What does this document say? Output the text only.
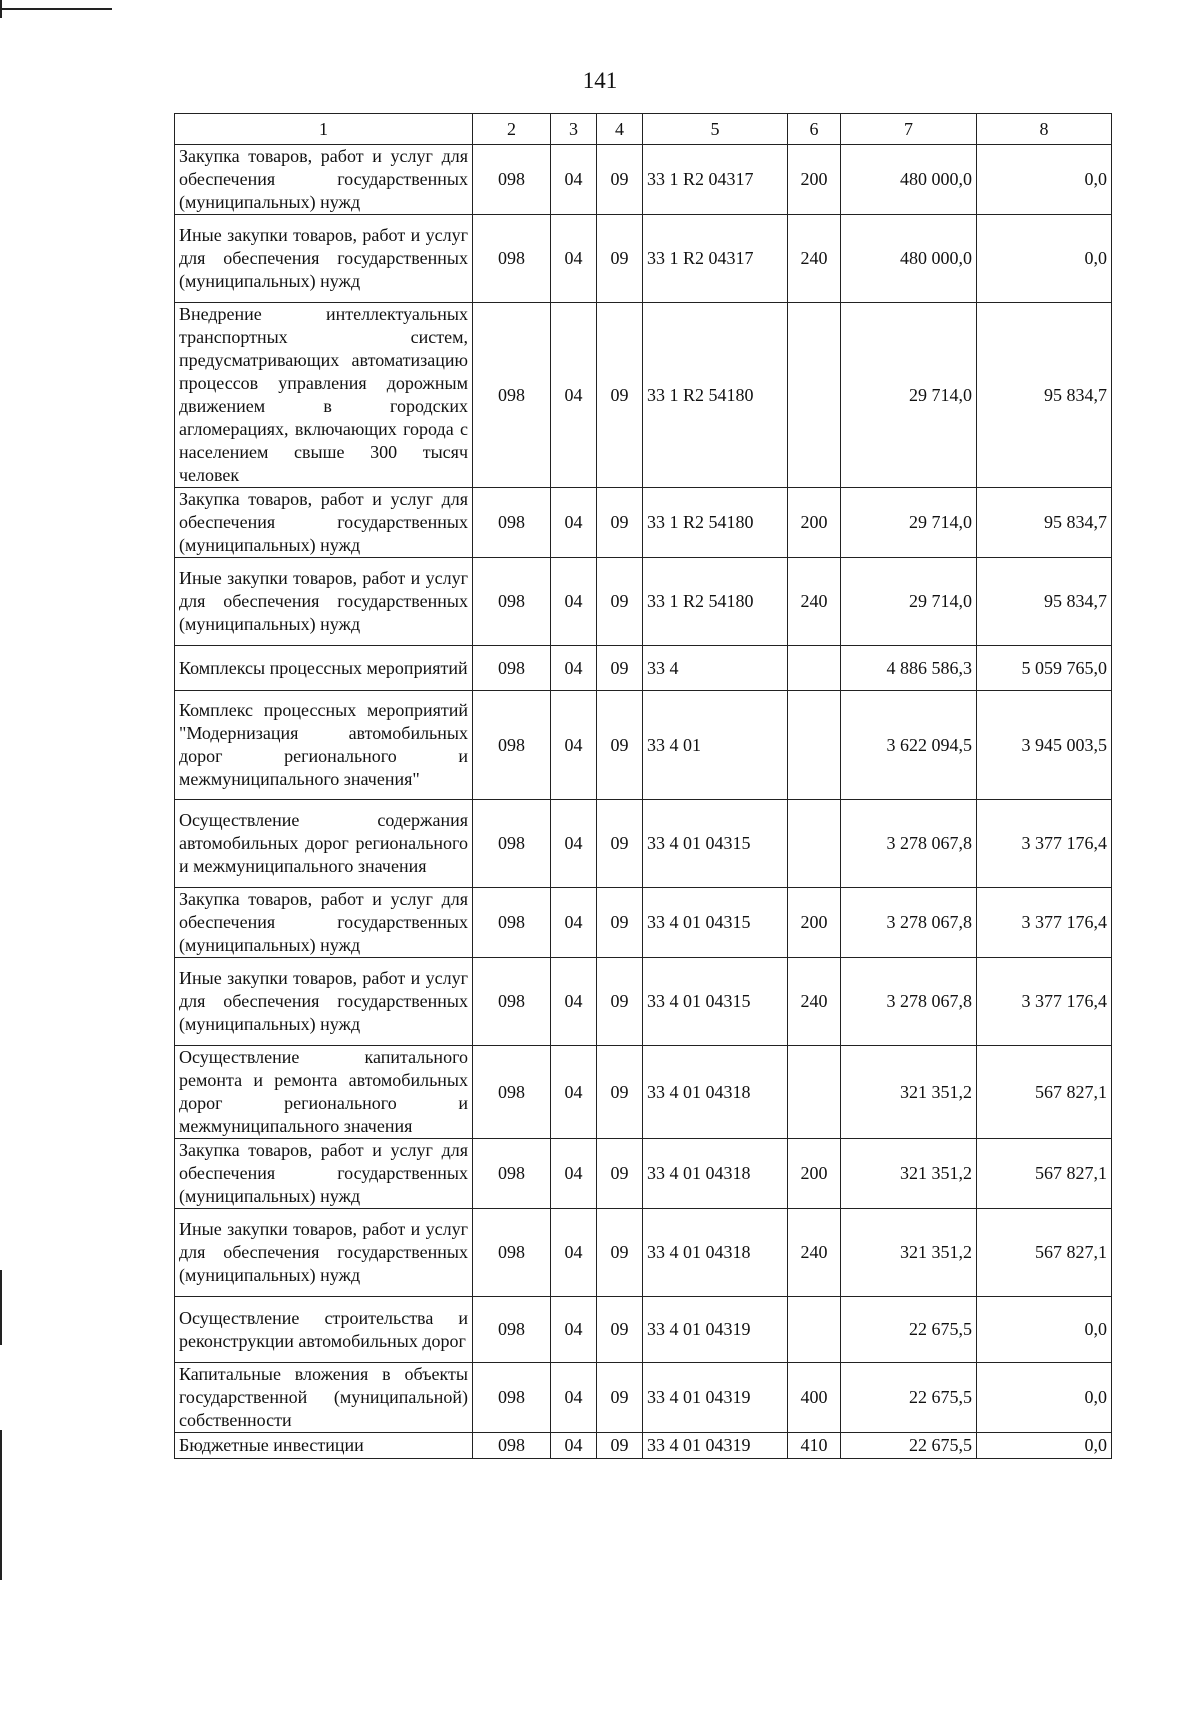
141
1	2	3	4	5	6	7	8
Закупка товаров, работ и услуг для обеспечения государственных (муниципальных) нужд	098	04	09	33 1 R2 04317	200	480 000,0	0,0
Иные закупки товаров, работ и услуг для обеспечения государственных (муниципальных) нужд	098	04	09	33 1 R2 04317	240	480 000,0	0,0
Внедрение интеллектуальных транспортных систем, предусматривающих автоматизацию процессов управления дорожным движением в городских агломерациях, включающих города с населением свыше 300 тысяч человек	098	04	09	33 1 R2 54180		29 714,0	95 834,7
Закупка товаров, работ и услуг для обеспечения государственных (муниципальных) нужд	098	04	09	33 1 R2 54180	200	29 714,0	95 834,7
Иные закупки товаров, работ и услуг для обеспечения государственных (муниципальных) нужд	098	04	09	33 1 R2 54180	240	29 714,0	95 834,7
Комплексы процессных мероприятий	098	04	09	33 4		4 886 586,3	5 059 765,0
Комплекс процессных мероприятий "Модернизация автомобильных дорог регионального и межмуниципального значения"	098	04	09	33 4 01		3 622 094,5	3 945 003,5
Осуществление содержания автомобильных дорог регионального и межмуниципального значения	098	04	09	33 4 01 04315		3 278 067,8	3 377 176,4
Закупка товаров, работ и услуг для обеспечения государственных (муниципальных) нужд	098	04	09	33 4 01 04315	200	3 278 067,8	3 377 176,4
Иные закупки товаров, работ и услуг для обеспечения государственных (муниципальных) нужд	098	04	09	33 4 01 04315	240	3 278 067,8	3 377 176,4
Осуществление капитального ремонта и ремонта автомобильных дорог регионального и межмуниципального значения	098	04	09	33 4 01 04318		321 351,2	567 827,1
Закупка товаров, работ и услуг для обеспечения государственных (муниципальных) нужд	098	04	09	33 4 01 04318	200	321 351,2	567 827,1
Иные закупки товаров, работ и услуг для обеспечения государственных (муниципальных) нужд	098	04	09	33 4 01 04318	240	321 351,2	567 827,1
Осуществление строительства и реконструкции автомобильных дорог	098	04	09	33 4 01 04319		22 675,5	0,0
Капитальные вложения в объекты государственной (муниципальной) собственности	098	04	09	33 4 01 04319	400	22 675,5	0,0
Бюджетные инвестиции	098	04	09	33 4 01 04319	410	22 675,5	0,0
